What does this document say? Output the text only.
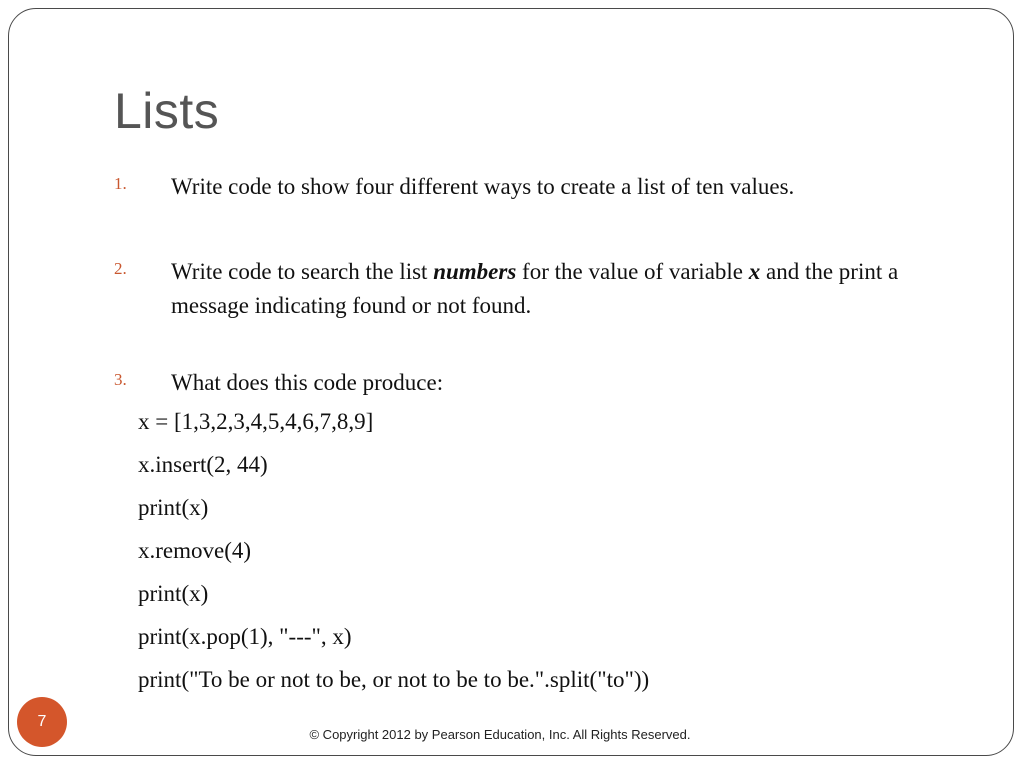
Lists
1. Write code to show four different ways to create a list of ten values.
2. Write code to search the list numbers for the value of variable x and the print a message indicating found or not found.
3. What does this code produce:
x = [1,3,2,3,4,5,4,6,7,8,9]
x.insert(2, 44)
print(x)
x.remove(4)
print(x)
print(x.pop(1), "---", x)
print("To be or not to be, or not to be to be.".split("to"))
7
© Copyright 2012 by Pearson Education, Inc. All Rights Reserved.
